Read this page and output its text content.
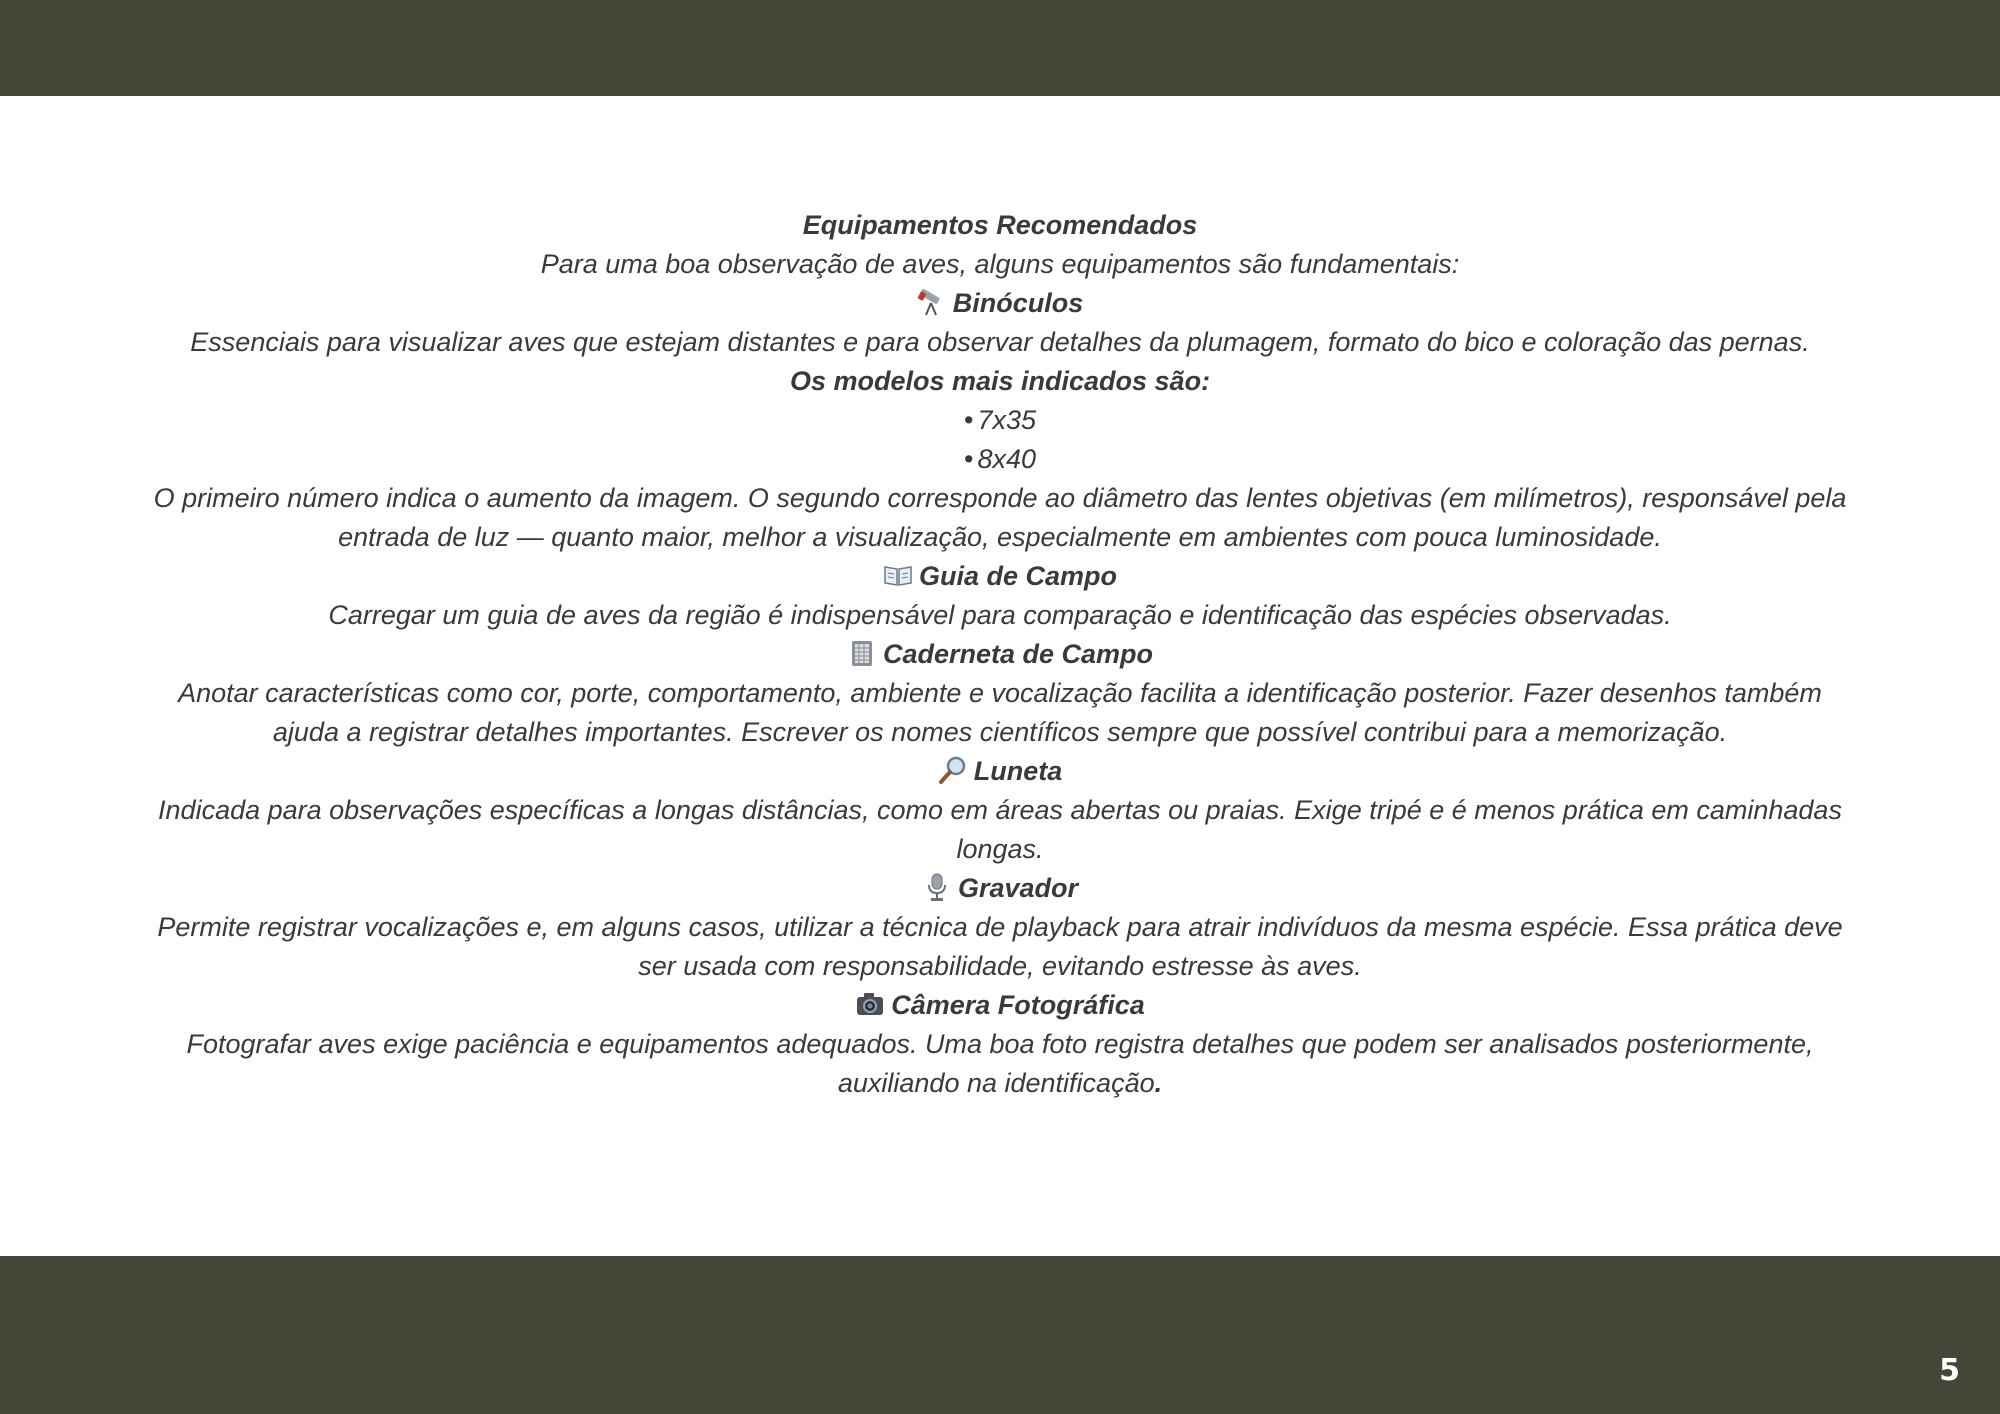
Equipamentos Recomendados

Para uma boa observação de aves, alguns equipamentos são fundamentais:

Binóculos

Essenciais para visualizar aves que estejam distantes e para observar detalhes da plumagem, formato do bico e coloração das pernas.

Os modelos mais indicados são:

• 7x35

• 8x40

O primeiro número indica o aumento da imagem. O segundo corresponde ao diâmetro das lentes objetivas (em milímetros), responsável pela entrada de luz — quanto maior, melhor a visualização, especialmente em ambientes com pouca luminosidade.

Guia de Campo

Carregar um guia de aves da região é indispensável para comparação e identificação das espécies observadas.

Caderneta de Campo

Anotar características como cor, porte, comportamento, ambiente e vocalização facilita a identificação posterior. Fazer desenhos também ajuda a registrar detalhes importantes. Escrever os nomes científicos sempre que possível contribui para a memorização.

Luneta

Indicada para observações específicas a longas distâncias, como em áreas abertas ou praias. Exige tripé e é menos prática em caminhadas longas.

Gravador

Permite registrar vocalizações e, em alguns casos, utilizar a técnica de playback para atrair indivíduos da mesma espécie. Essa prática deve ser usada com responsabilidade, evitando estresse às aves.

Câmera Fotográfica

Fotografar aves exige paciência e equipamentos adequados. Uma boa foto registra detalhes que podem ser analisados posteriormente, auxiliando na identificação.

5
